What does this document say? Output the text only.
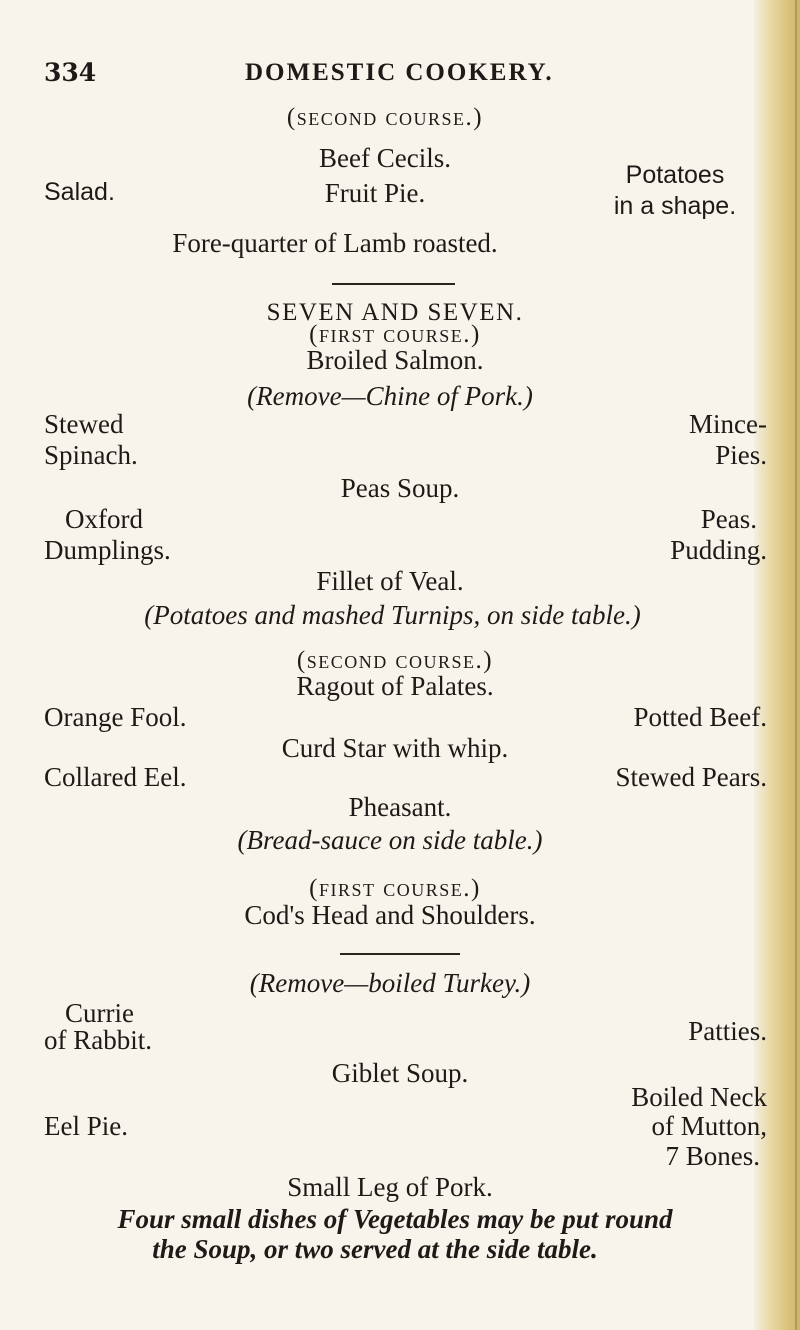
334	DOMESTIC COOKERY.
(second course.)
Beef Cecils.
Salad.	Fruit Pie.
Potatoes
in a shape.
Fore-quarter of Lamb roasted.
SEVEN AND SEVEN.
(first course.)
Broiled Salmon.
(Remove—Chine of Pork.)
Stewed
Spinach.
Mince-
Pies.
Peas Soup.
Oxford
Dumplings.
Peas.
Pudding.
Fillet of Veal.
(Potatoes and mashed Turnips, on side table.)
(second course.)
Ragout of Palates.
Orange Fool.	Potted Beef.
Curd Star with whip.
Collared Eel.	Stewed Pears.
Pheasant.
(Bread-sauce on side table.)
(first course.)
Cod's Head and Shoulders.
(Remove—boiled Turkey.)
Currie
of Rabbit.	Patties.
Giblet Soup.
Eel Pie.
Boiled Neck
of Mutton,
7 Bones.
Small Leg of Pork.
Four small dishes of Vegetables may be put round
the Soup, or two served at the side table.
